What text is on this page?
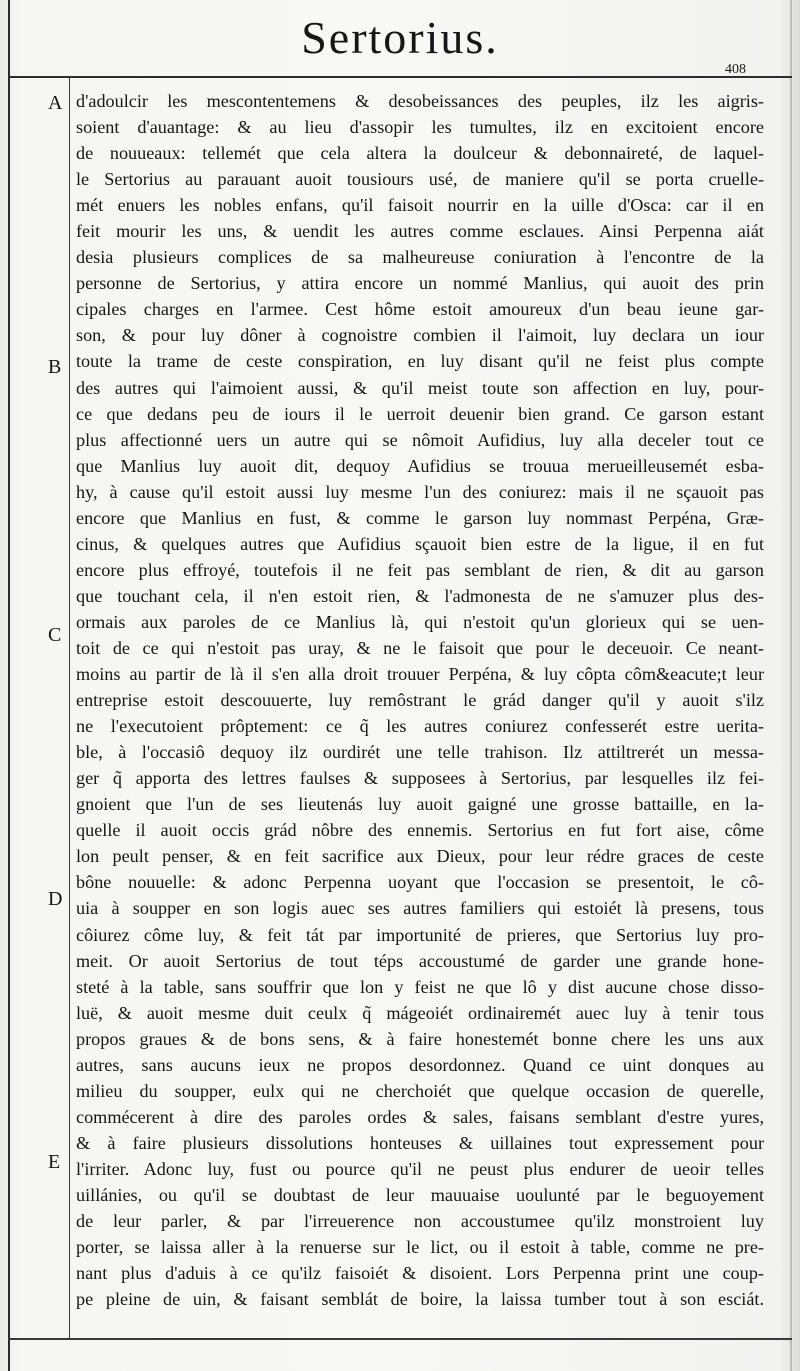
Sertorius.
408
A
B
C
D
E
d'adoulcir les mescontentemens & desobeissances des peuples, ilz les aigris-
soient d'auantage: & au lieu d'assopir les tumultes, ilz en excitoient encore
de nouueaux: tellemét que cela altera la doulceur & debonnaireté, de laquel-
le Sertorius au parauant auoit tousiours usé, de maniere qu'il se porta cruelle-
mét enuers les nobles enfans, qu'il faisoit nourrir en la uille d'Osca: car il en
feit mourir les uns, & uendit les autres comme esclaues. Ainsi Perpenna aiát
desia plusieurs complices de sa malheureuse coniuration à l'encontre de la
personne de Sertorius, y attira encore un nommé Manlius, qui auoit des prin
cipales charges en l'armee. Cest hôme estoit amoureux d'un beau ieune gar-
son, & pour luy dôner à cognoistre combien il l'aimoit, luy declara un iour
toute la trame de ceste conspiration, en luy disant qu'il ne feist plus compte
des autres qui l'aimoient aussi, & qu'il meist toute son affection en luy, pour-
ce que dedans peu de iours il le uerroit deuenir bien grand. Ce garson estant
plus affectionné uers un autre qui se nômoit Aufidius, luy alla deceler tout ce
que Manlius luy auoit dit, dequoy Aufidius se trouua merueilleusemét esba-
hy, à cause qu'il estoit aussi luy mesme l'un des coniurez: mais il ne sçauoit pas
encore que Manlius en fust, & comme le garson luy nommast Perpéna, Græ-
cinus, & quelques autres que Aufidius sçauoit bien estre de la ligue, il en fut
encore plus effroyé, toutefois il ne feit pas semblant de rien, & dit au garson
que touchant cela, il n'en estoit rien, & l'admonesta de ne s'amuzer plus des-
ormais aux paroles de ce Manlius là, qui n'estoit qu'un glorieux qui se uen-
toit de ce qui n'estoit pas uray, & ne le faisoit que pour le deceuoir. Ce neant-
moins au partir de là il s'en alla droit trouuer Perpéna, & luy côpta côm&eacute;t leur
entreprise estoit descouuerte, luy remôstrant le grád danger qu'il y auoit s'ilz
ne l'executoient prôptement: ce q̃ les autres coniurez confesserét estre uerita-
ble, à l'occasiô dequoy ilz ourdirét une telle trahison. Ilz attiltrerét un messa-
ger q̃ apporta des lettres faulses & supposees à Sertorius, par lesquelles ilz fei-
gnoient que l'un de ses lieutenás luy auoit gaigné une grosse battaille, en la-
quelle il auoit occis grád nôbre des ennemis. Sertorius en fut fort aise, côme
lon peult penser, & en feit sacrifice aux Dieux, pour leur rédre graces de ceste
bône nouuelle: & adonc Perpenna uoyant que l'occasion se presentoit, le cô-
uia à soupper en son logis auec ses autres familiers qui estoiét là presens, tous
côiurez côme luy, & feit tát par importunité de prieres, que Sertorius luy pro-
meit. Or auoit Sertorius de tout téps accoustumé de garder une grande hone-
steté à la table, sans souffrir que lon y feist ne que lô y dist aucune chose disso-
luë, & auoit mesme duit ceulx q̃ mágeoiét ordinairemét auec luy à tenir tous
propos graues & de bons sens, & à faire honestemét bonne chere les uns aux
autres, sans aucuns ieux ne propos desordonnez. Quand ce uint donques au
milieu du soupper, eulx qui ne cherchoiét que quelque occasion de querelle,
commécerent à dire des paroles ordes & sales, faisans semblant d'estre yures,
& à faire plusieurs dissolutions honteuses & uillaines tout expressement pour
l'irriter. Adonc luy, fust ou pource qu'il ne peust plus endurer de ueoir telles
uillánies, ou qu'il se doubtast de leur mauuaise uoulunté par le beguoyement
de leur parler, & par l'irreuerence non accoustumee qu'ilz monstroient luy
porter, se laissa aller à la renuerse sur le lict, ou il estoit à table, comme ne pre-
nant plus d'aduis à ce qu'ilz faisoiét & disoient. Lors Perpenna print une coup-
pe pleine de uin, & faisant semblát de boire, la laissa tumber tout à son esciát.
